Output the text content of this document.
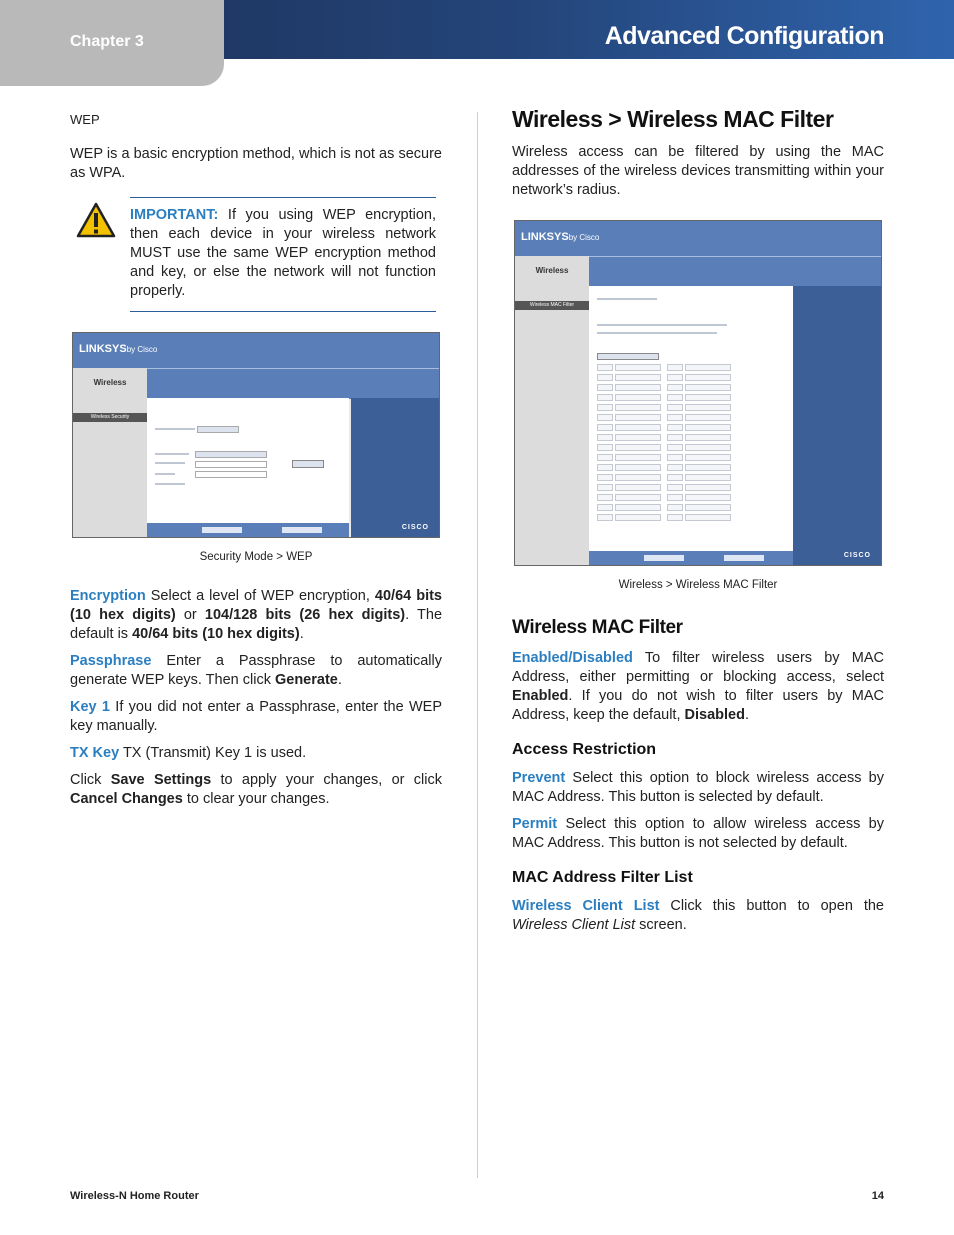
Chapter 3	Advanced Configuration

WEP

WEP is a basic encryption method, which is not as secure as WPA.

IMPORTANT: If you using WEP encryption, then each device in your wireless network MUST use the same WEP encryption method and key, or else the network will not function properly.

LINKSYSby Cisco
Wireless
Wireless Security
CISCO

Security Mode > WEP

Encryption Select a level of WEP encryption, 40/64 bits (10 hex digits) or 104/128 bits (26 hex digits). The default is 40/64 bits (10 hex digits).

Passphrase Enter a Passphrase to automatically generate WEP keys. Then click Generate.

Key 1 If you did not enter a Passphrase, enter the WEP key manually.

TX Key TX (Transmit) Key 1 is used.

Click Save Settings to apply your changes, or click Cancel Changes to clear your changes.

Wireless > Wireless MAC Filter

Wireless access can be filtered by using the MAC addresses of the wireless devices transmitting within your network’s radius.

LINKSYSby Cisco
Wireless
Wireless MAC Filter
CISCO

Wireless > Wireless MAC Filter

Wireless MAC Filter

Enabled/Disabled To filter wireless users by MAC Address, either permitting or blocking access, select Enabled. If you do not wish to filter users by MAC Address, keep the default, Disabled.

Access Restriction

Prevent Select this option to block wireless access by MAC Address. This button is selected by default.

Permit Select this option to allow wireless access by MAC Address. This button is not selected by default.

MAC Address Filter List

Wireless Client List Click this button to open the Wireless Client List screen.

Wireless-N Home Router	14
